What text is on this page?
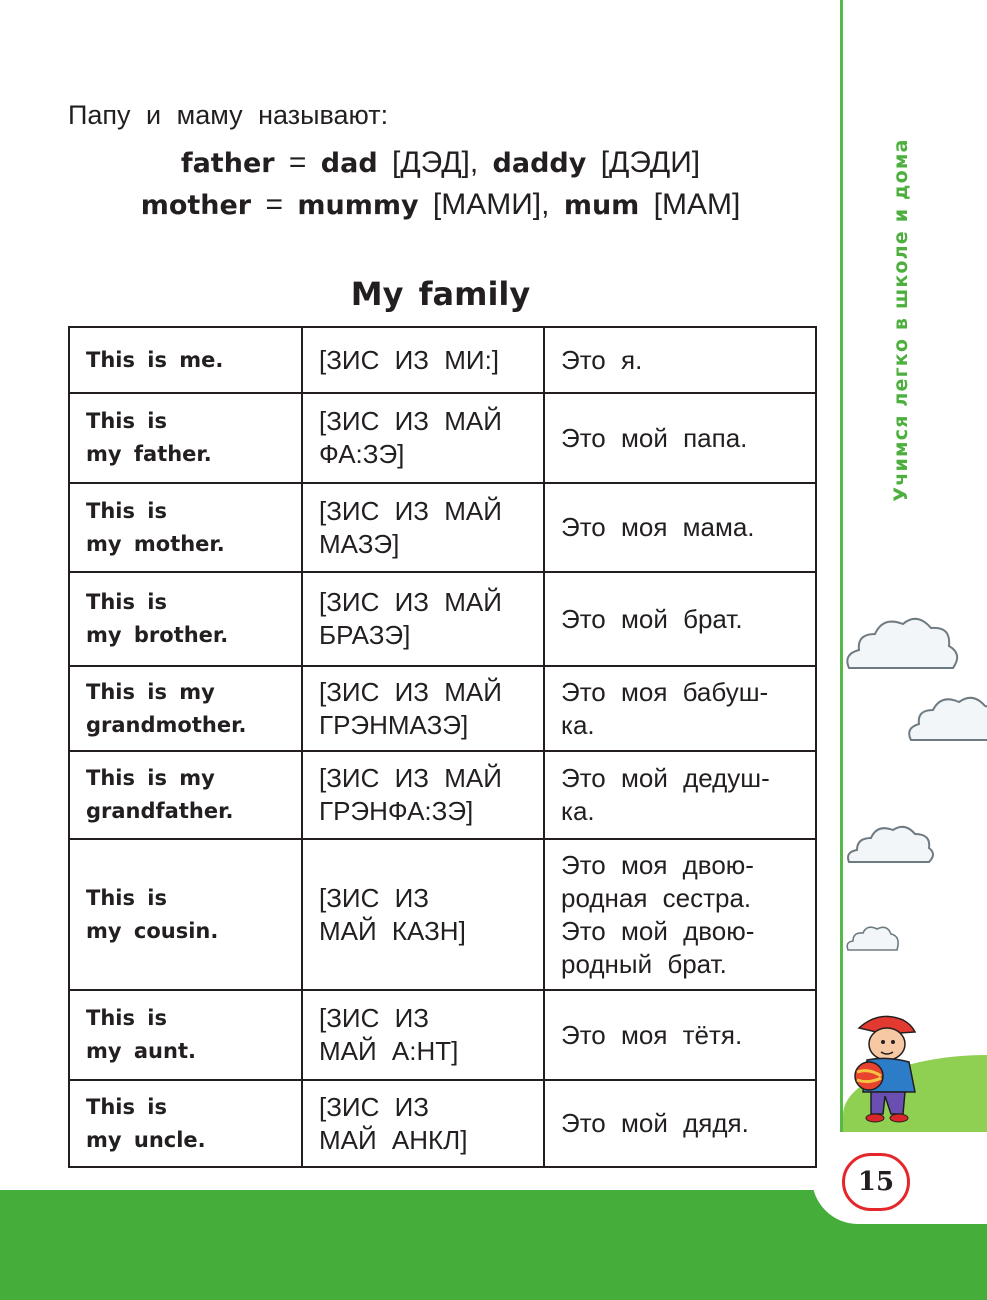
Учимся легко в школе и дома
15
Папу и маму называют:
father = dad [ДЭД], daddy [ДЭДИ]
mother = mummy [МАМИ], mum [МАМ]
My family
This is me.	[ЗИС ИЗ МИ:]	Это я.

This is
my father.	[ЗИС ИЗ МАЙ
ФА:ЗЭ]	Это мой папа.

This is
my mother.	[ЗИС ИЗ МАЙ
МАЗЭ]	Это моя мама.

This is
my brother.	[ЗИС ИЗ МАЙ
БРАЗЭ]	Это мой брат.

This is my
grandmother.	[ЗИС ИЗ МАЙ
ГРЭНМАЗЭ]	Это моя бабуш-
ка.

This is my
grandfather.	[ЗИС ИЗ МАЙ
ГРЭНФА:ЗЭ]	Это мой дедуш-
ка.

This is
my cousin.	[ЗИС ИЗ
МАЙ КАЗН]	Это моя двою-
родная сестра.
Это мой двою-
родный брат.

This is
my aunt.	[ЗИС ИЗ
МАЙ А:НТ]	Это моя тётя.

This is
my uncle.	[ЗИС ИЗ
МАЙ АНКЛ]	Это мой дядя.
